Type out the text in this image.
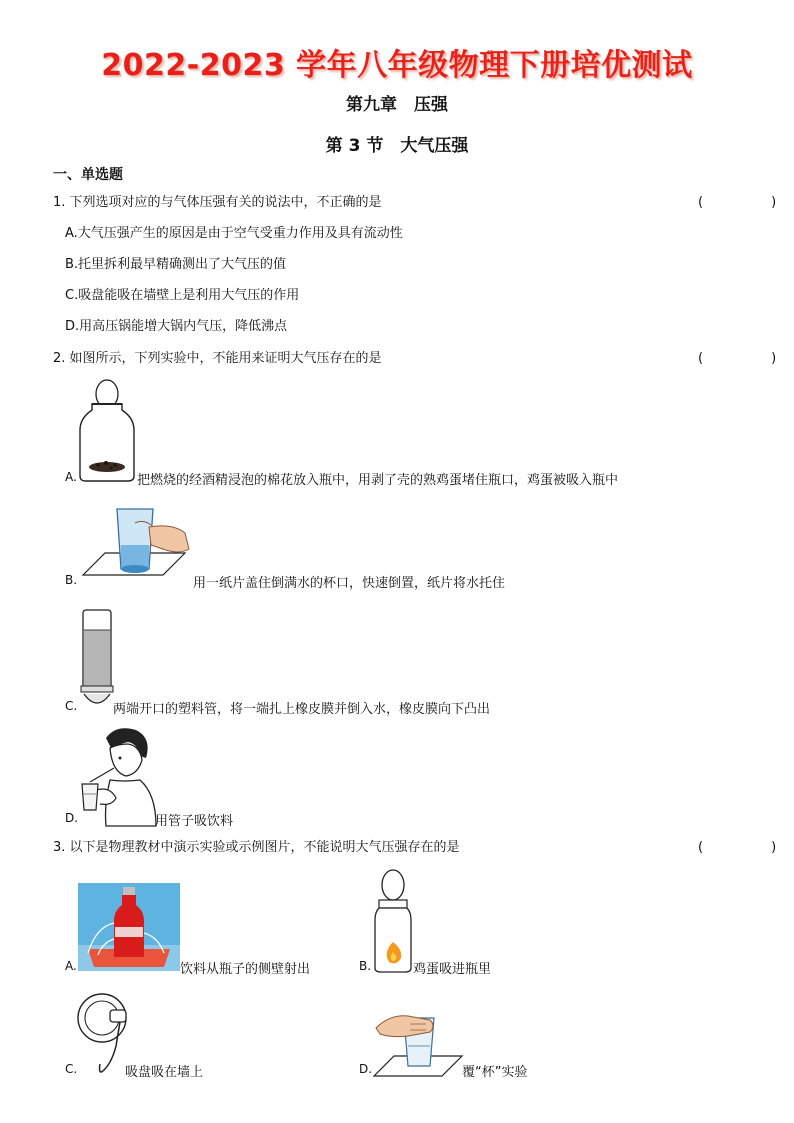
2022-2023 学年八年级物理下册培优测试
第九章　压强
第 3 节　大气压强
一、单选题
1. 下列选项对应的与气体压强有关的说法中，不正确的是	(　　)
A.大气压强产生的原因是由于空气受重力作用及具有流动性
B.托里拆利最早精确测出了大气压的值
C.吸盘能吸在墙壁上是利用大气压的作用
D.用高压锅能增大锅内气压，降低沸点
2. 如图所示，下列实验中，不能用来证明大气压存在的是	(　　)
A.	把燃烧的经酒精浸泡的棉花放入瓶中，用剥了壳的熟鸡蛋堵住瓶口，鸡蛋被吸入瓶中
B.	用一纸片盖住倒满水的杯口，快速倒置，纸片将水托住
C.	两端开口的塑料管，将一端扎上橡皮膜并倒入水，橡皮膜向下凸出
D.	用管子吸饮料
3. 以下是物理教材中演示实验或示例图片，不能说明大气压强存在的是	(　　)
A.	饮料从瓶子的侧壁射出	B.	鸡蛋吸进瓶里
C.	吸盘吸在墙上	D.	覆“杯”实验
